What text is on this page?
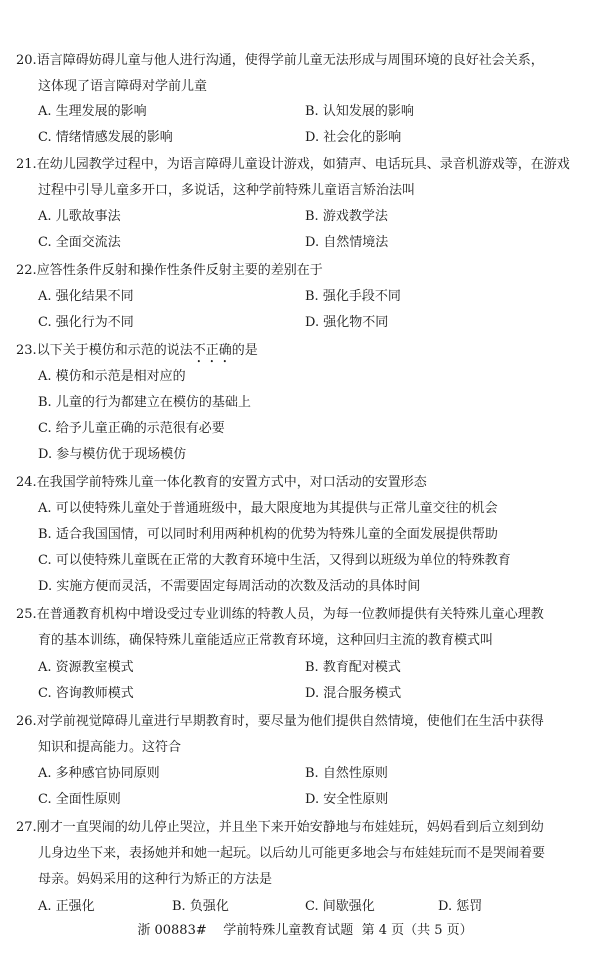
20.语言障碍妨碍儿童与他人进行沟通，使得学前儿童无法形成与周围环境的良好社会关系，
这体现了语言障碍对学前儿童
A. 生理发展的影响	B. 认知发展的影响
C. 情绪情感发展的影响	D. 社会化的影响
21.在幼儿园教学过程中，为语言障碍儿童设计游戏，如猜声、电话玩具、录音机游戏等，在游戏
过程中引导儿童多开口，多说话，这种学前特殊儿童语言矫治法叫
A. 儿歌故事法	B. 游戏教学法
C. 全面交流法	D. 自然情境法
22.应答性条件反射和操作性条件反射主要的差别在于
A. 强化结果不同	B. 强化手段不同
C. 强化行为不同	D. 强化物不同
23.以下关于模仿和示范的说法不正确的是
A. 模仿和示范是相对应的
B. 儿童的行为都建立在模仿的基础上
C. 给予儿童正确的示范很有必要
D. 参与模仿优于现场模仿
24.在我国学前特殊儿童一体化教育的安置方式中，对口活动的安置形态
A. 可以使特殊儿童处于普通班级中，最大限度地为其提供与正常儿童交往的机会
B. 适合我国国情，可以同时利用两种机构的优势为特殊儿童的全面发展提供帮助
C. 可以使特殊儿童既在正常的大教育环境中生活，又得到以班级为单位的特殊教育
D. 实施方便而灵活，不需要固定每周活动的次数及活动的具体时间
25.在普通教育机构中增设受过专业训练的特教人员，为每一位教师提供有关特殊儿童心理教
育的基本训练，确保特殊儿童能适应正常教育环境，这种回归主流的教育模式叫
A. 资源教室模式	B. 教育配对模式
C. 咨询教师模式	D. 混合服务模式
26.对学前视觉障碍儿童进行早期教育时，要尽量为他们提供自然情境，使他们在生活中获得
知识和提高能力。这符合
A. 多种感官协同原则	B. 自然性原则
C. 全面性原则	D. 安全性原则
27.刚才一直哭闹的幼儿停止哭泣，并且坐下来开始安静地与布娃娃玩，妈妈看到后立刻到幼
儿身边坐下来，表扬她并和她一起玩。以后幼儿可能更多地会与布娃娃玩而不是哭闹着要
母亲。妈妈采用的这种行为矫正的方法是
A. 正强化	B. 负强化	C. 间歇强化	D. 惩罚
浙 00883# 学前特殊儿童教育试题 第 4 页（共 5 页）
